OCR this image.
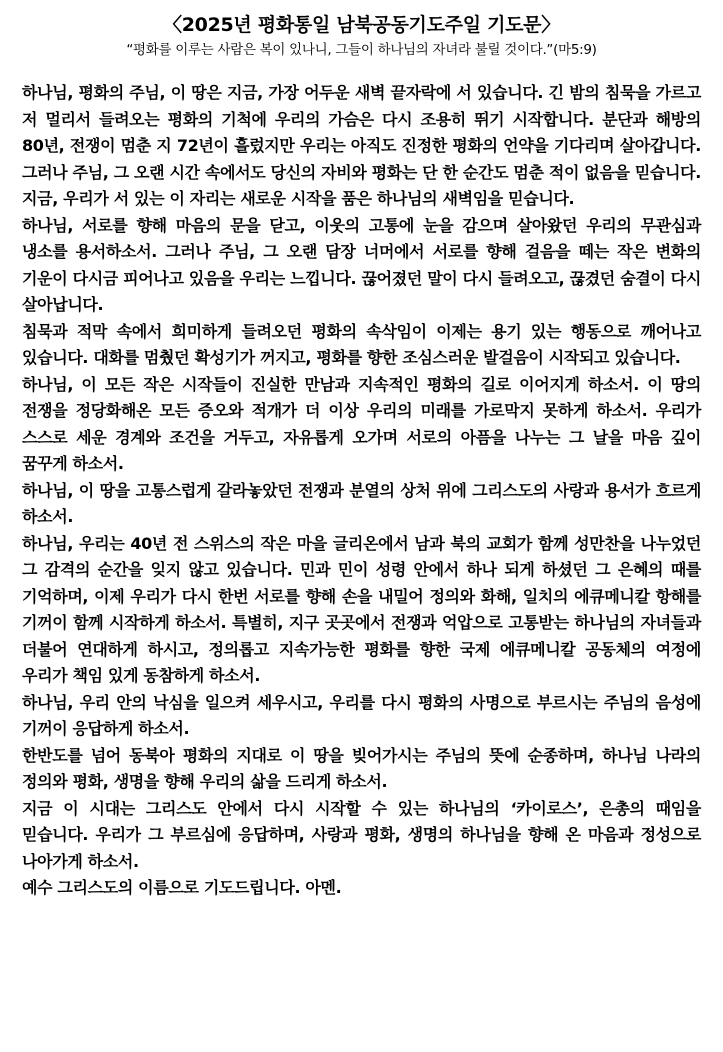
〈2025년 평화통일 남북공동기도주일 기도문〉
“평화를 이루는 사람은 복이 있나니, 그들이 하나님의 자녀라 불릴 것이다.”(마5:9)

하나님, 평화의 주님, 이 땅은 지금, 가장 어두운 새벽 끝자락에 서 있습니다. 긴 밤의 침묵을 가르고 저 멀리서 들려오는 평화의 기척에 우리의 가슴은 다시 조용히 뛰기 시작합니다. 분단과 해방의 80년, 전쟁이 멈춘 지 72년이 흘렀지만 우리는 아직도 진정한 평화의 언약을 기다리며 살아갑니다. 그러나 주님, 그 오랜 시간 속에서도 당신의 자비와 평화는 단 한 순간도 멈춘 적이 없음을 믿습니다. 지금, 우리가 서 있는 이 자리는 새로운 시작을 품은 하나님의 새벽임을 믿습니다.

하나님, 서로를 향해 마음의 문을 닫고, 이웃의 고통에 눈을 감으며 살아왔던 우리의 무관심과 냉소를 용서하소서. 그러나 주님, 그 오랜 담장 너머에서 서로를 향해 걸음을 떼는 작은 변화의 기운이 다시금 피어나고 있음을 우리는 느낍니다. 끊어졌던 말이 다시 들려오고, 끊겼던 숨결이 다시 살아납니다.

침묵과 적막 속에서 희미하게 들려오던 평화의 속삭임이 이제는 용기 있는 행동으로 깨어나고 있습니다. 대화를 멈췄던 확성기가 꺼지고, 평화를 향한 조심스러운 발걸음이 시작되고 있습니다.

하나님, 이 모든 작은 시작들이 진실한 만남과 지속적인 평화의 길로 이어지게 하소서. 이 땅의 전쟁을 정당화해온 모든 증오와 적개가 더 이상 우리의 미래를 가로막지 못하게 하소서. 우리가 스스로 세운 경계와 조건을 거두고, 자유롭게 오가며 서로의 아픔을 나누는 그 날을 마음 깊이 꿈꾸게 하소서.

하나님, 이 땅을 고통스럽게 갈라놓았던 전쟁과 분열의 상처 위에 그리스도의 사랑과 용서가 흐르게 하소서.

하나님, 우리는 40년 전 스위스의 작은 마을 글리온에서 남과 북의 교회가 함께 성만찬을 나누었던 그 감격의 순간을 잊지 않고 있습니다. 민과 민이 성령 안에서 하나 되게 하셨던 그 은혜의 때를 기억하며, 이제 우리가 다시 한번 서로를 향해 손을 내밀어 정의와 화해, 일치의 에큐메니칼 항해를 기꺼이 함께 시작하게 하소서. 특별히, 지구 곳곳에서 전쟁과 억압으로 고통받는 하나님의 자녀들과 더불어 연대하게 하시고, 정의롭고 지속가능한 평화를 향한 국제 에큐메니칼 공동체의 여정에 우리가 책임 있게 동참하게 하소서.

하나님, 우리 안의 낙심을 일으켜 세우시고, 우리를 다시 평화의 사명으로 부르시는 주님의 음성에 기꺼이 응답하게 하소서.

한반도를 넘어 동북아 평화의 지대로 이 땅을 빚어가시는 주님의 뜻에 순종하며, 하나님 나라의 정의와 평화, 생명을 향해 우리의 삶을 드리게 하소서.

지금 이 시대는 그리스도 안에서 다시 시작할 수 있는 하나님의 ‘카이로스’, 은총의 때임을 믿습니다. 우리가 그 부르심에 응답하며, 사랑과 평화, 생명의 하나님을 향해 온 마음과 정성으로 나아가게 하소서.

예수 그리스도의 이름으로 기도드립니다. 아멘.
